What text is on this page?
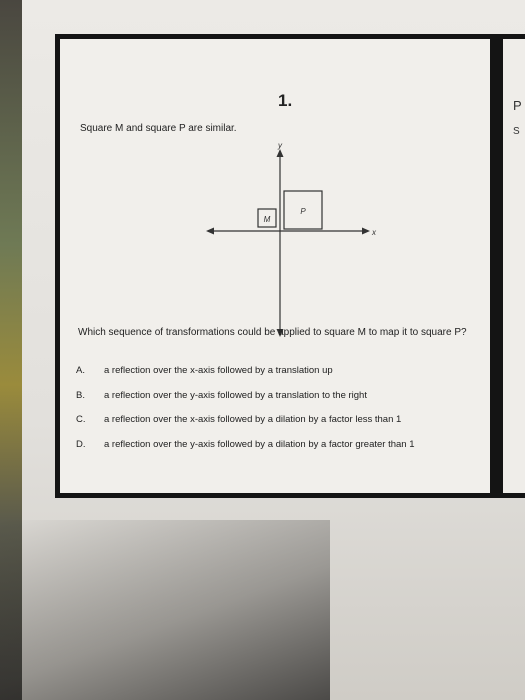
1.
Square M and square P are similar.
M
P
x
y
Which sequence of transformations could be applied to square M to map it to square P?
A. a reflection over the x-axis followed by a translation up
B. a reflection over the y-axis followed by a translation to the right
C. a reflection over the x-axis followed by a dilation by a factor less than 1
D. a reflection over the y-axis followed by a dilation by a factor greater than 1
P
S
